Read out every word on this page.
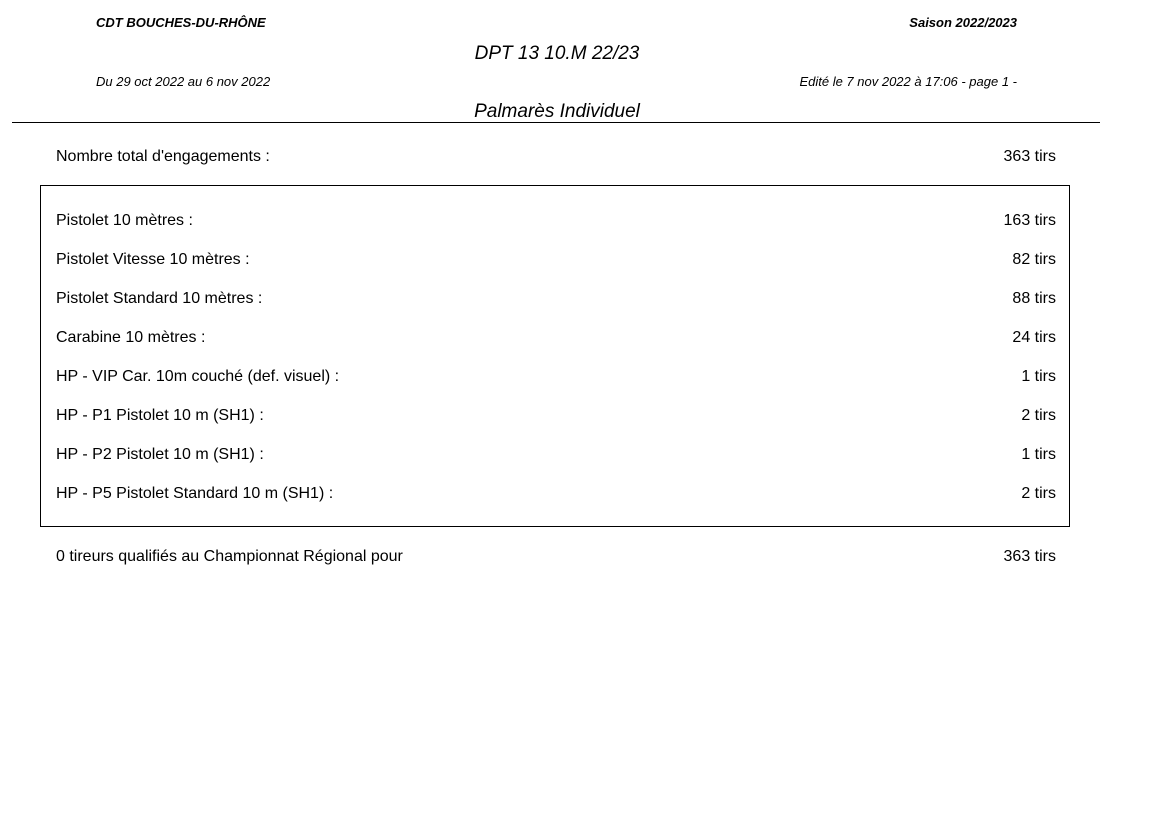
CDT BOUCHES-DU-RHÔNE	Saison 2022/2023
DPT 13 10.M 22/23
Du 29 oct 2022 au 6 nov 2022	Edité le 7 nov 2022 à 17:06 - page 1 -
Palmarès Individuel
Nombre total d'engagements :	363 tirs
Pistolet 10 mètres :	163 tirs
Pistolet Vitesse 10 mètres :	82 tirs
Pistolet Standard 10 mètres :	88 tirs
Carabine 10 mètres :	24 tirs
HP - VIP Car. 10m couché (def. visuel) :	1 tirs
HP - P1 Pistolet 10 m (SH1) :	2 tirs
HP - P2 Pistolet 10 m (SH1) :	1 tirs
HP - P5 Pistolet Standard 10 m (SH1) :	2 tirs
0 tireurs qualifiés au Championnat Régional pour	363 tirs
